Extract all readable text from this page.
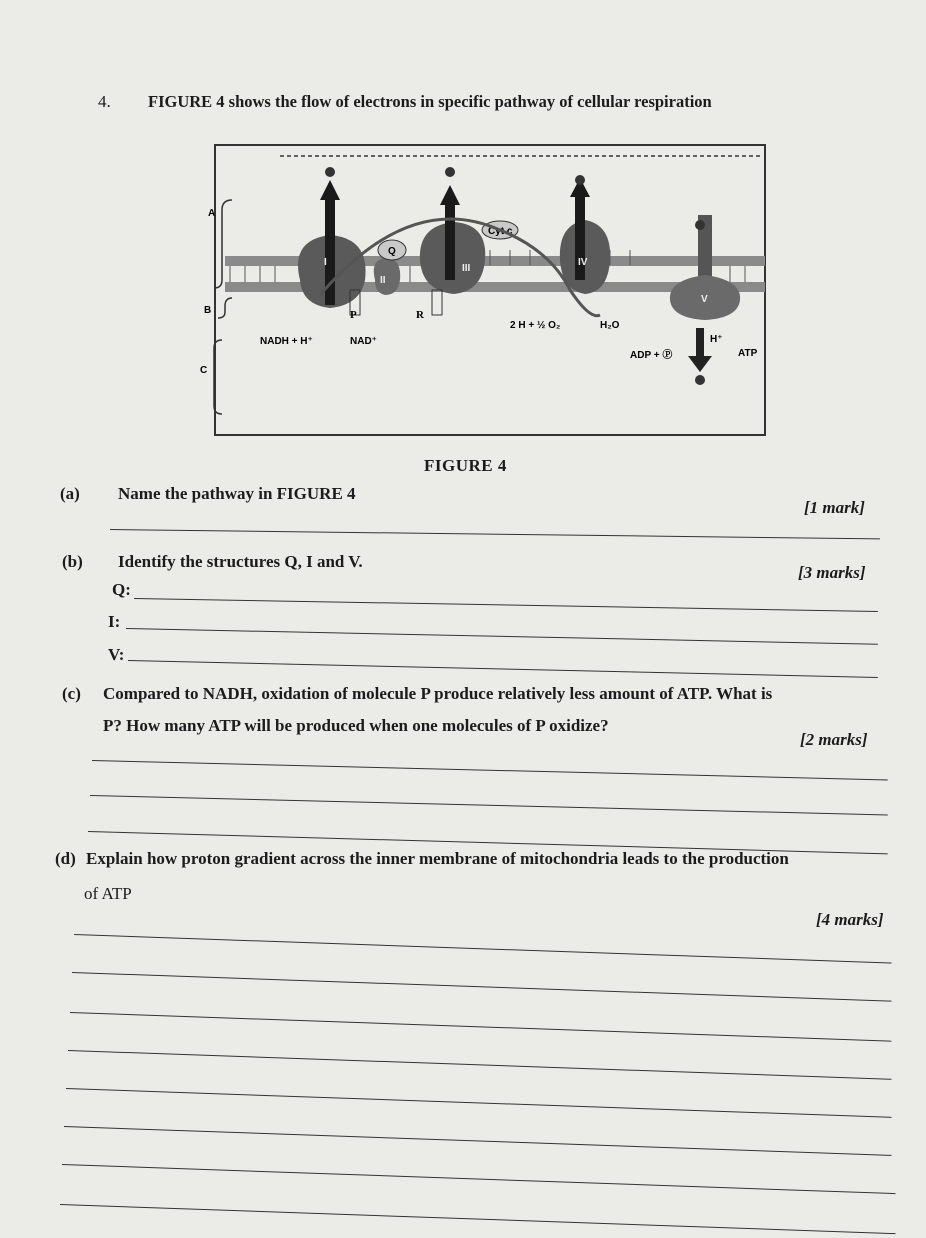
4. FIGURE 4 shows the flow of electrons in specific pathway of cellular respiration
A
B
C
I
II
Q
III
Cyt c
IV
V
P	R
NADH + H⁺	NAD⁺
2 H + ½ O₂	H₂O
ADP + Ⓟ	ATP
H⁺
FIGURE 4
(a) Name the pathway in FIGURE 4
[1 mark]
(b) Identify the structures Q, I and V.
[3 marks]
Q:
I:
V:
(c) Compared to NADH, oxidation of molecule P produce relatively less amount of ATP. What is
P? How many ATP will be produced when one molecules of P oxidize?
[2 marks]
(d) Explain how proton gradient across the inner membrane of mitochondria leads to the production
of ATP
[4 marks]
